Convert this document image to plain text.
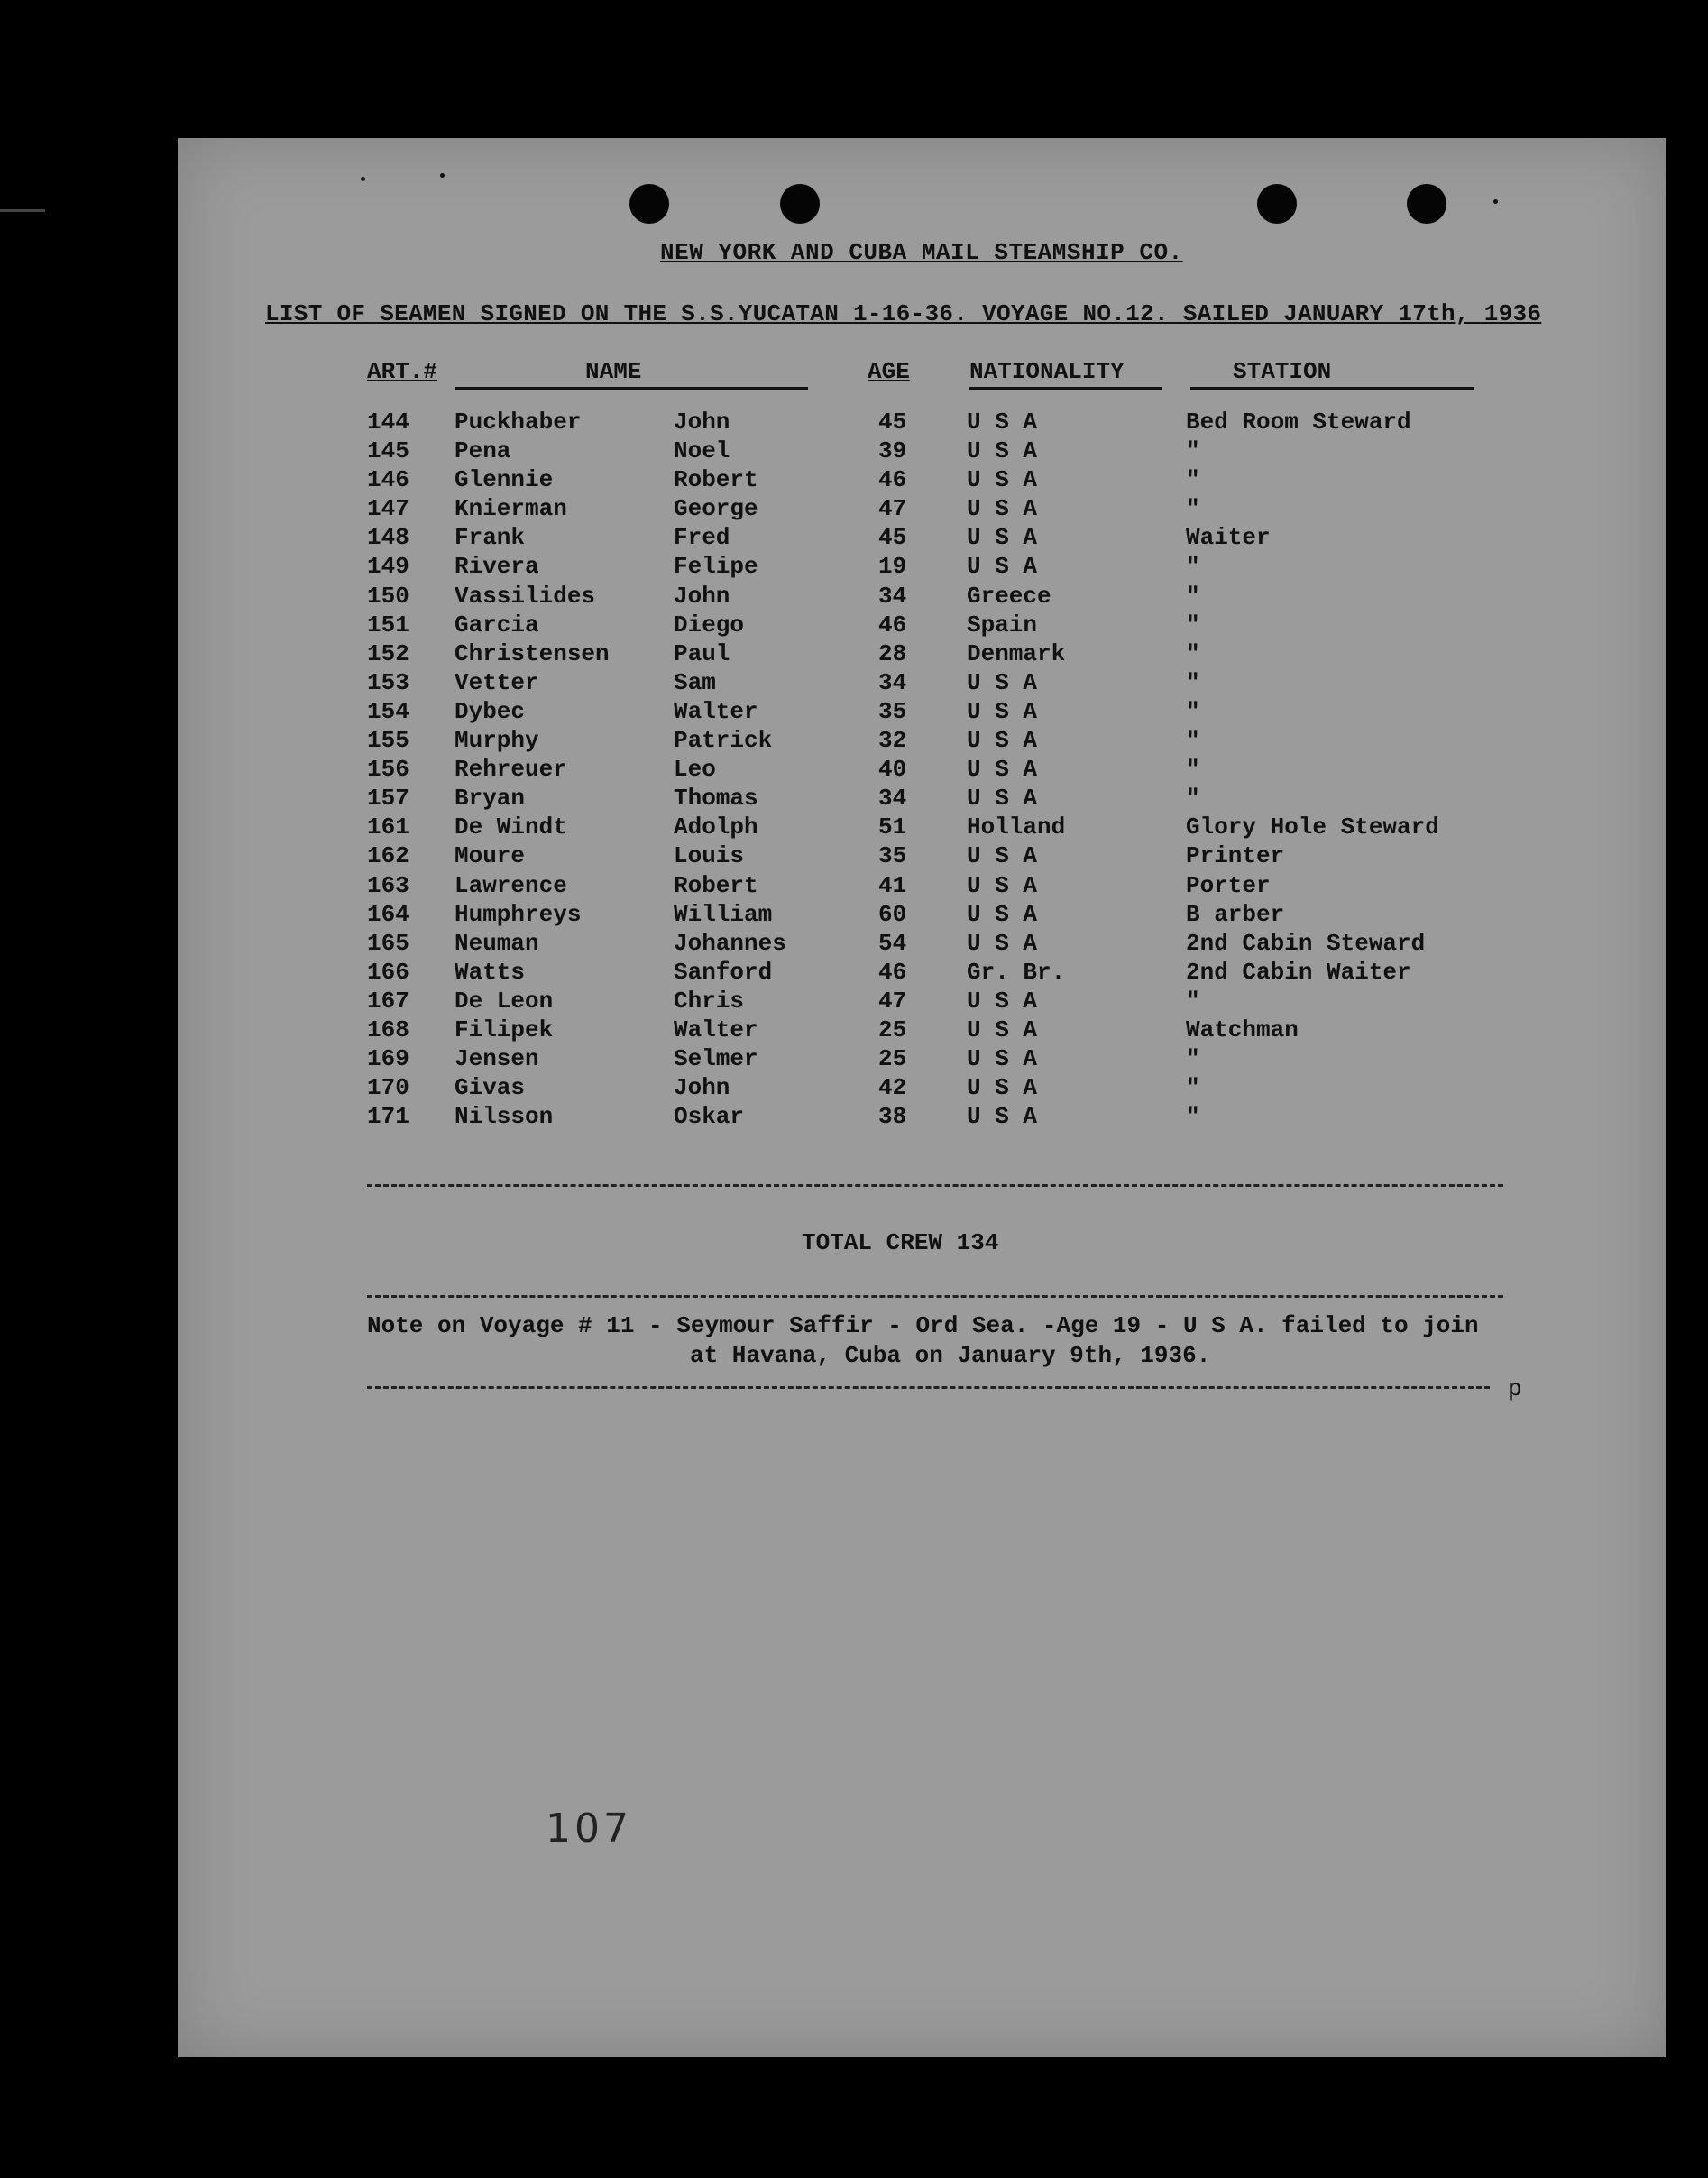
NEW YORK AND CUBA MAIL STEAMSHIP CO.
LIST OF SEAMEN SIGNED ON THE S.S.YUCATAN 1-16-36. VOYAGE NO.12. SAILED JANUARY 17th, 1936
ART.#	NAME	AGE	NATIONALITY	STATION
144 Puckhaber	John	45	U S A	Bed Room Steward
145 Pena	Noel	39	U S A	"
146 Glennie	Robert	46	U S A	"
147 Knierman	George	47	U S A	"
148 Frank	Fred	45	U S A	Waiter
149 Rivera	Felipe	19	U S A	"
150 Vassilides	John	34	Greece	"
151 Garcia	Diego	46	Spain	"
152 Christensen	Paul	28	Denmark	"
153 Vetter	Sam	34	U S A	"
154 Dybec	Walter	35	U S A	"
155 Murphy	Patrick	32	U S A	"
156 Rehreuer	Leo	40	U S A	"
157 Bryan	Thomas	34	U S A	"
161 De Windt	Adolph	51	Holland	Glory Hole Steward
162 Moure	Louis	35	U S A	Printer
163 Lawrence	Robert	41	U S A	Porter
164 Humphreys	William	60	U S A	B arber
165 Neuman	Johannes	54	U S A	2nd Cabin Steward
166 Watts	Sanford	46	Gr. Br.	2nd Cabin Waiter
167 De Leon	Chris	47	U S A	"
168 Filipek	Walter	25	U S A	Watchman
169 Jensen	Selmer	25	U S A	"
170 Givas	John	42	U S A	"
171 Nilsson	Oskar	38	U S A	"
TOTAL CREW 134
Note on Voyage # 11 - Seymour Saffir - Ord Sea. -Age 19 - U S A. failed to join
at Havana, Cuba on January 9th, 1936.
p
107
